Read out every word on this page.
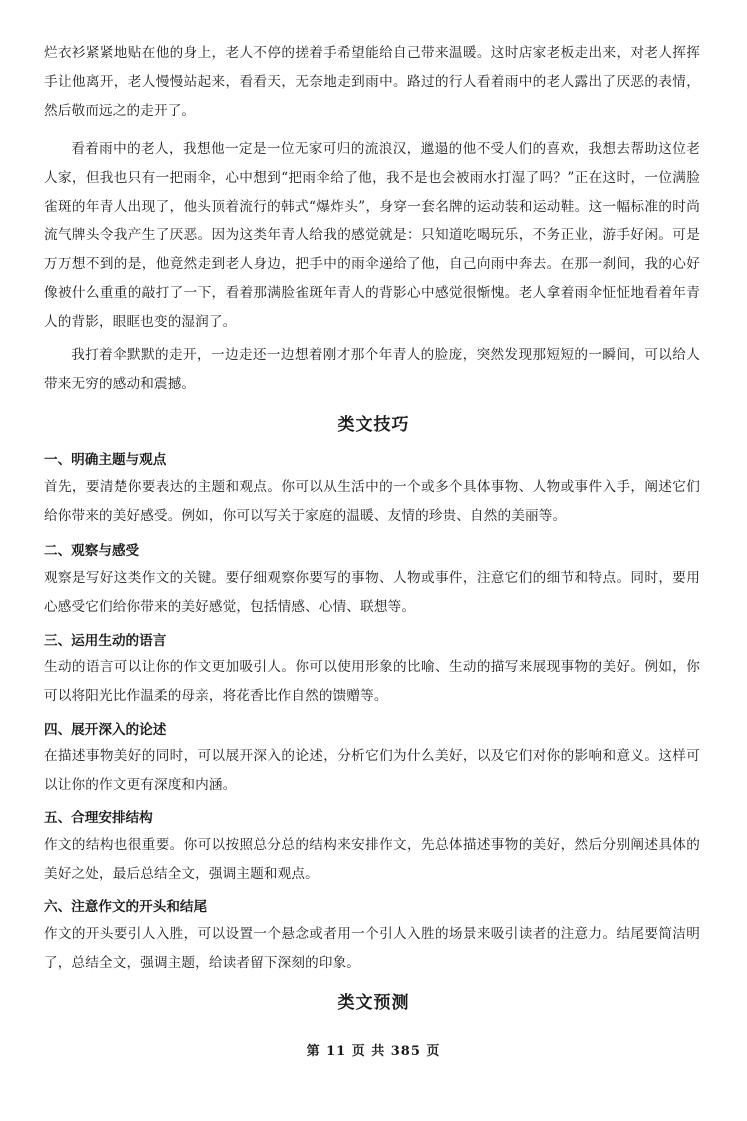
烂衣衫紧紧地贴在他的身上，老人不停的搓着手希望能给自己带来温暖。这时店家老板走出来，对老人挥挥手让他离开，老人慢慢站起来，看看天，无奈地走到雨中。路过的行人看着雨中的老人露出了厌恶的表情，然后敬而远之的走开了。

看着雨中的老人，我想他一定是一位无家可归的流浪汉，邋遢的他不受人们的喜欢，我想去帮助这位老人家，但我也只有一把雨伞，心中想到“把雨伞给了他，我不是也会被雨水打湿了吗？”正在这时，一位满脸雀斑的年青人出现了，他头顶着流行的韩式“爆炸头”，身穿一套名牌的运动装和运动鞋。这一幅标准的时尚流气牌头令我产生了厌恶。因为这类年青人给我的感觉就是：只知道吃喝玩乐，不务正业，游手好闲。可是万万想不到的是，他竟然走到老人身边，把手中的雨伞递给了他，自己向雨中奔去。在那一刹间，我的心好像被什么重重的敲打了一下，看着那满脸雀斑年青人的背影心中感觉很惭愧。老人拿着雨伞怔怔地看着年青人的背影，眼眶也变的湿润了。

我打着伞默默的走开，一边走还一边想着刚才那个年青人的脸庞，突然发现那短短的一瞬间，可以给人带来无穷的感动和震撼。

类文技巧

一、明确主题与观点

首先，要清楚你要表达的主题和观点。你可以从生活中的一个或多个具体事物、人物或事件入手，阐述它们给你带来的美好感受。例如，你可以写关于家庭的温暖、友情的珍贵、自然的美丽等。

二、观察与感受

观察是写好这类作文的关键。要仔细观察你要写的事物、人物或事件，注意它们的细节和特点。同时，要用心感受它们给你带来的美好感觉，包括情感、心情、联想等。

三、运用生动的语言

生动的语言可以让你的作文更加吸引人。你可以使用形象的比喻、生动的描写来展现事物的美好。例如，你可以将阳光比作温柔的母亲，将花香比作自然的馈赠等。

四、展开深入的论述

在描述事物美好的同时，可以展开深入的论述，分析它们为什么美好，以及它们对你的影响和意义。这样可以让你的作文更有深度和内涵。

五、合理安排结构

作文的结构也很重要。你可以按照总分总的结构来安排作文，先总体描述事物的美好，然后分别阐述具体的美好之处，最后总结全文，强调主题和观点。

六、注意作文的开头和结尾

作文的开头要引人入胜，可以设置一个悬念或者用一个引人入胜的场景来吸引读者的注意力。结尾要简洁明了，总结全文，强调主题，给读者留下深刻的印象。

类文预测
第 11 页 共 385 页
